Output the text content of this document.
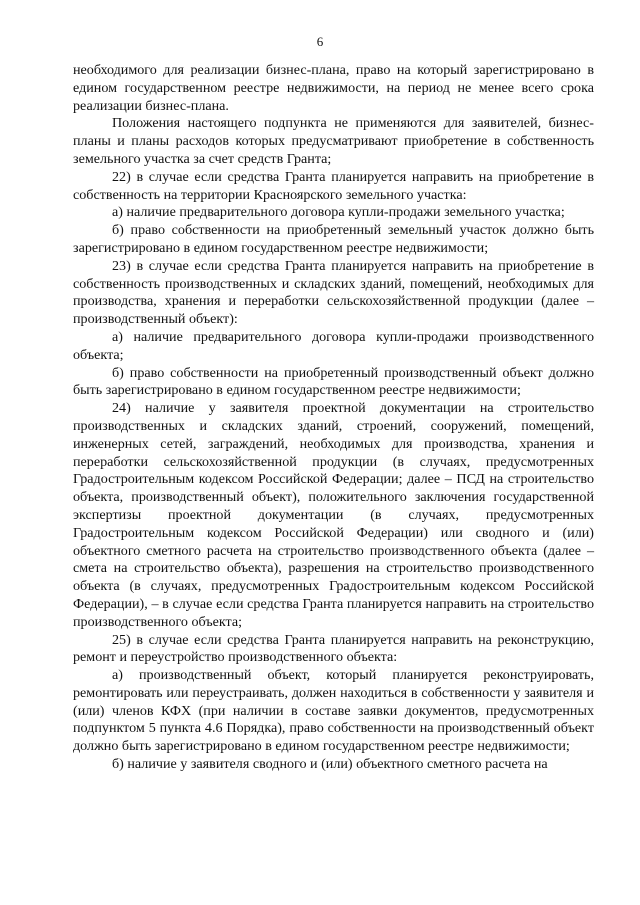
6

необходимого для реализации бизнес-плана, право на который зарегистрировано в едином государственном реестре недвижимости, на период не менее всего срока реализации бизнес-плана.

Положения настоящего подпункта не применяются для заявителей, бизнес-планы и планы расходов которых предусматривают приобретение в собственность земельного участка за счет средств Гранта;

22) в случае если средства Гранта планируется направить на приобретение в собственность на территории Красноярского земельного участка:

а) наличие предварительного договора купли-продажи земельного участка;

б) право собственности на приобретенный земельный участок должно быть зарегистрировано в едином государственном реестре недвижимости;

23) в случае если средства Гранта планируется направить на приобретение в собственность производственных и складских зданий, помещений, необходимых для производства, хранения и переработки сельскохозяйственной продукции (далее – производственный объект):

а) наличие предварительного договора купли-продажи производственного объекта;

б) право собственности на приобретенный производственный объект должно быть зарегистрировано в едином государственном реестре недвижимости;

24) наличие у заявителя проектной документации на строительство производственных и складских зданий, строений, сооружений, помещений, инженерных сетей, заграждений, необходимых для производства, хранения и переработки сельскохозяйственной продукции (в случаях, предусмотренных Градостроительным кодексом Российской Федерации; далее – ПСД на строительство объекта, производственный объект), положительного заключения государственной экспертизы проектной документации (в случаях, предусмотренных Градостроительным кодексом Российской Федерации) или сводного и (или) объектного сметного расчета на строительство производственного объекта (далее – смета на строительство объекта), разрешения на строительство производственного объекта (в случаях, предусмотренных Градостроительным кодексом Российской Федерации), – в случае если средства Гранта планируется направить на строительство производственного объекта;

25) в случае если средства Гранта планируется направить на реконструкцию, ремонт и переустройство производственного объекта:

а) производственный объект, который планируется реконструировать, ремонтировать или переустраивать, должен находиться в собственности у заявителя и (или) членов КФХ (при наличии в составе заявки документов, предусмотренных подпунктом 5 пункта 4.6 Порядка), право собственности на производственный объект должно быть зарегистрировано в едином государственном реестре недвижимости;

б) наличие у заявителя сводного и (или) объектного сметного расчета на
